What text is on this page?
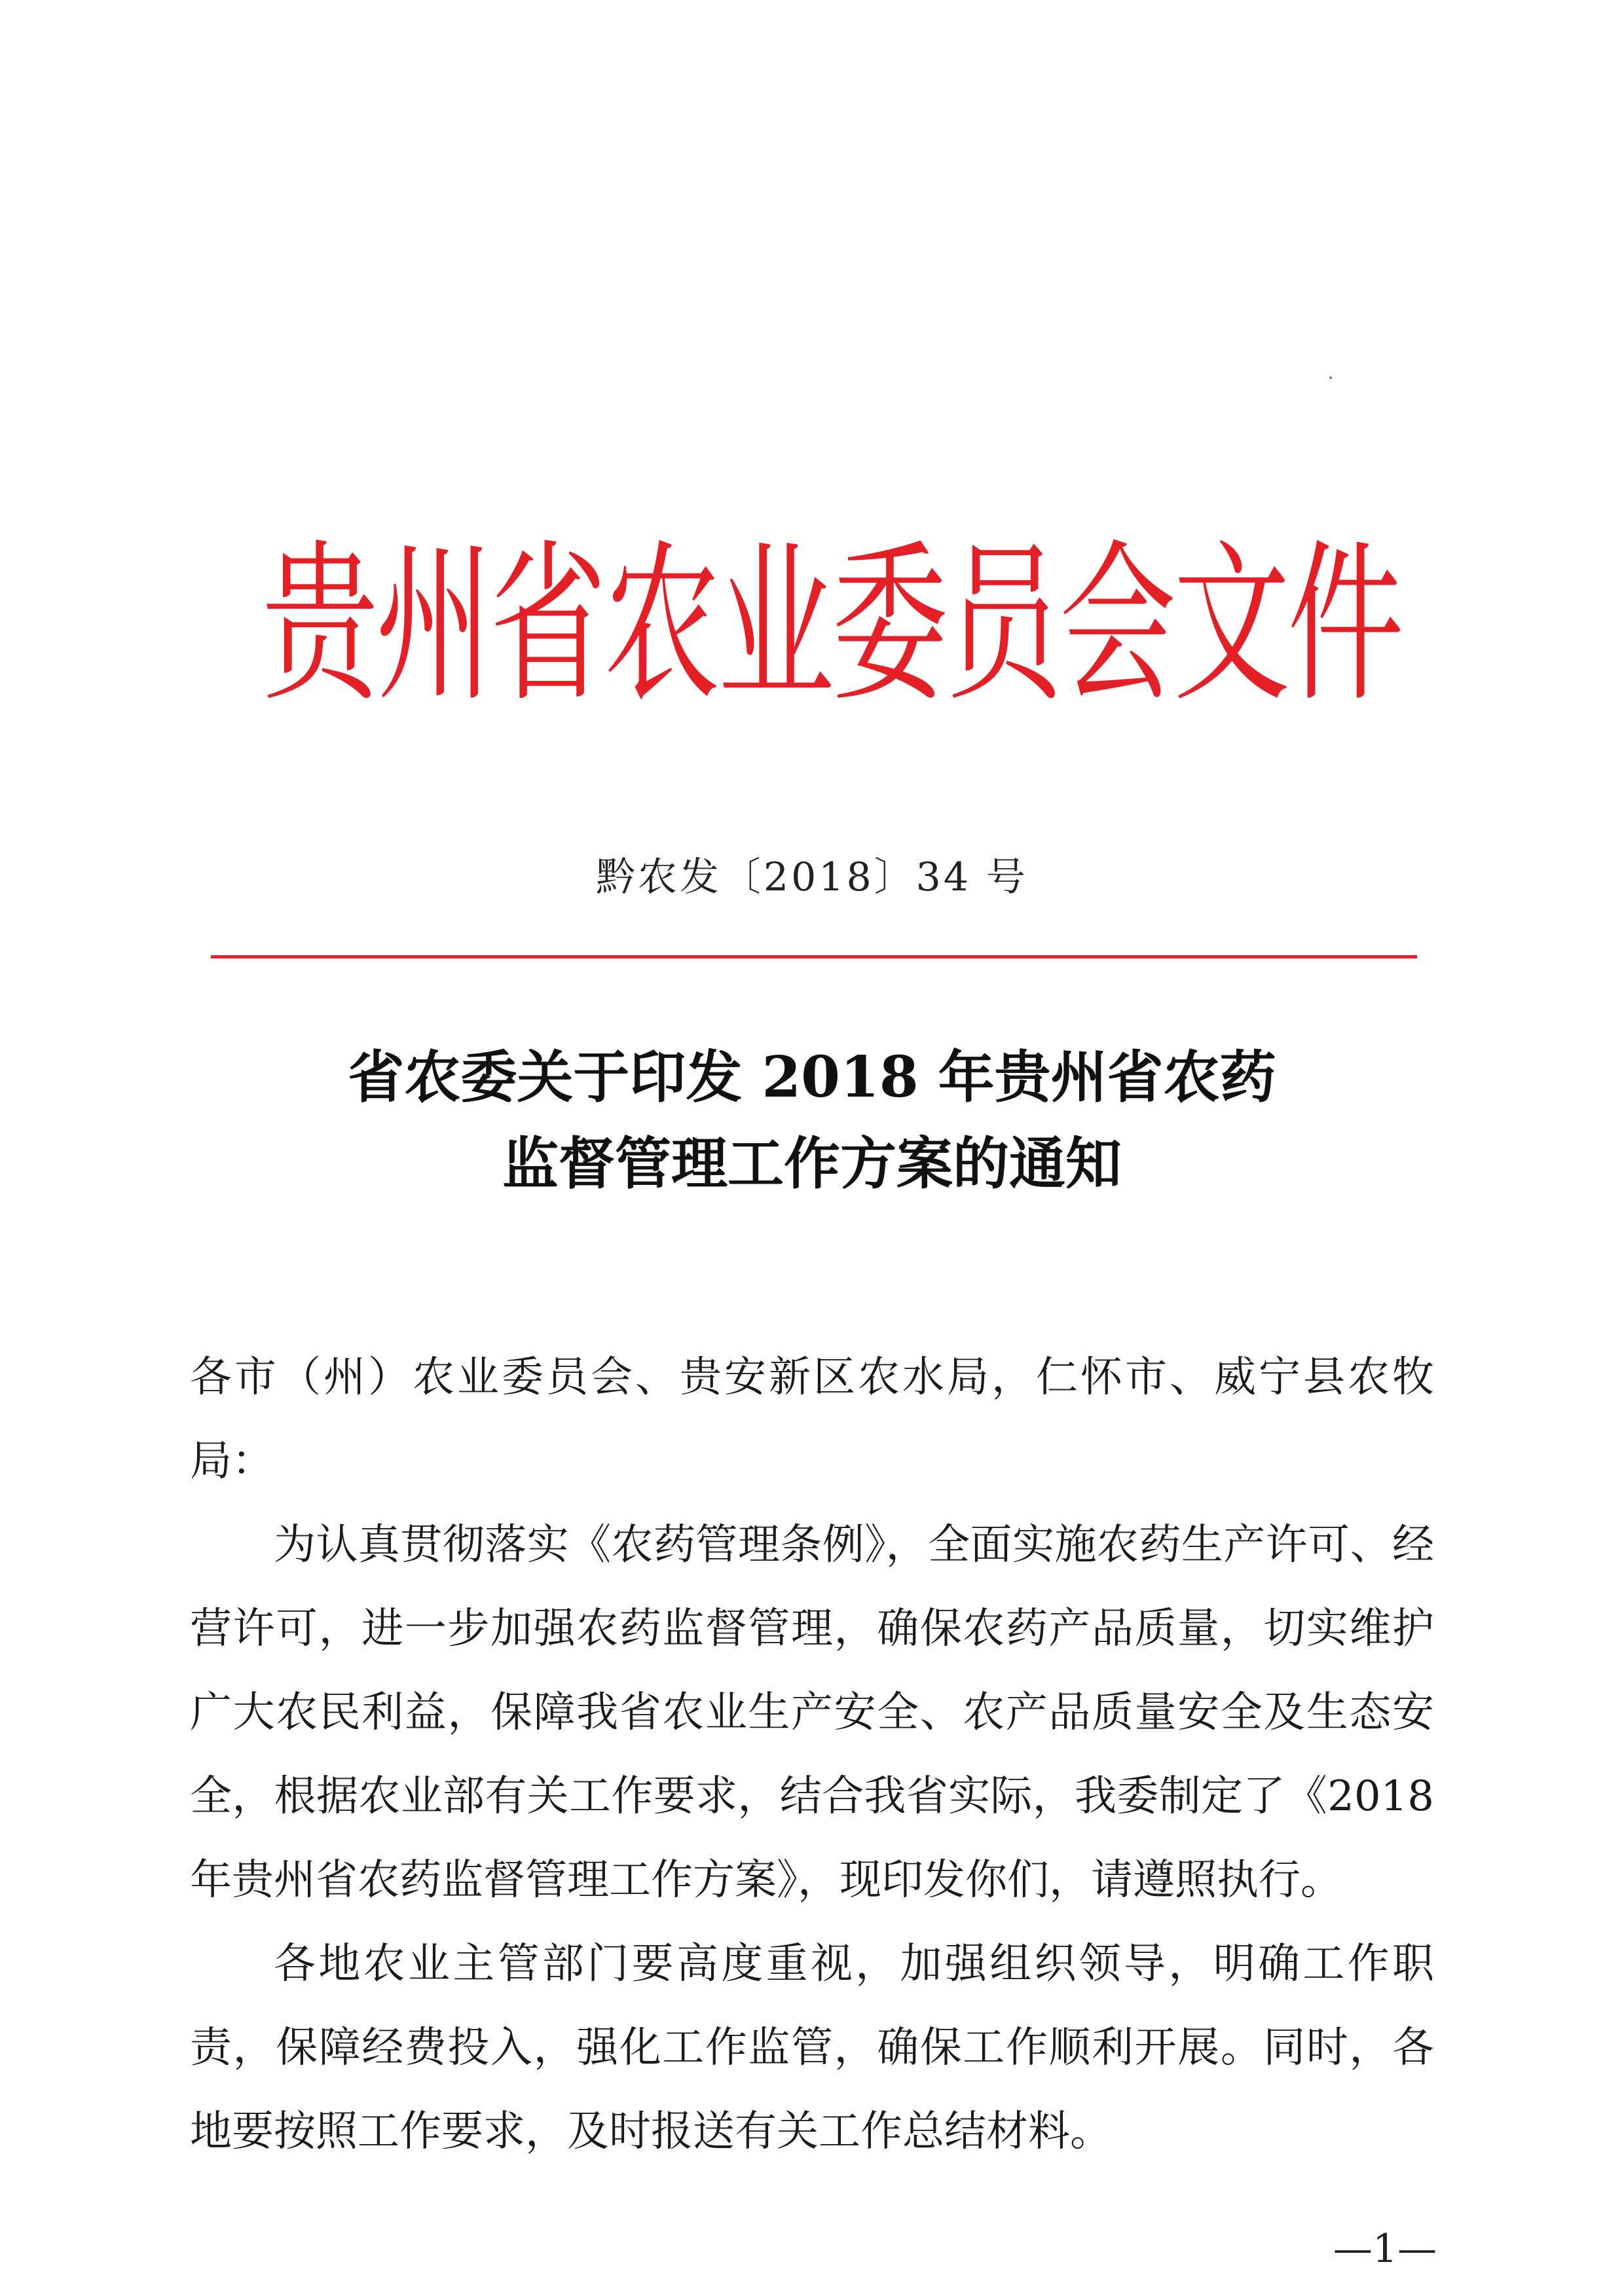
贵州省农业委员会文件
黔农发〔2018〕34 号
省农委关于印发 2018 年贵州省农药
监督管理工作方案的通知

各市（州）农业委员会、贵安新区农水局，仁怀市、威宁县农牧局：

为认真贯彻落实《农药管理条例》，全面实施农药生产许可、经营许可，进一步加强农药监督管理，确保农药产品质量，切实维护广大农民利益，保障我省农业生产安全、农产品质量安全及生态安全，根据农业部有关工作要求，结合我省实际，我委制定了《2018年贵州省农药监督管理工作方案》，现印发你们，请遵照执行。

各地农业主管部门要高度重视，加强组织领导，明确工作职责，保障经费投入，强化工作监管，确保工作顺利开展。同时，各地要按照工作要求，及时报送有关工作总结材料。

—1—
